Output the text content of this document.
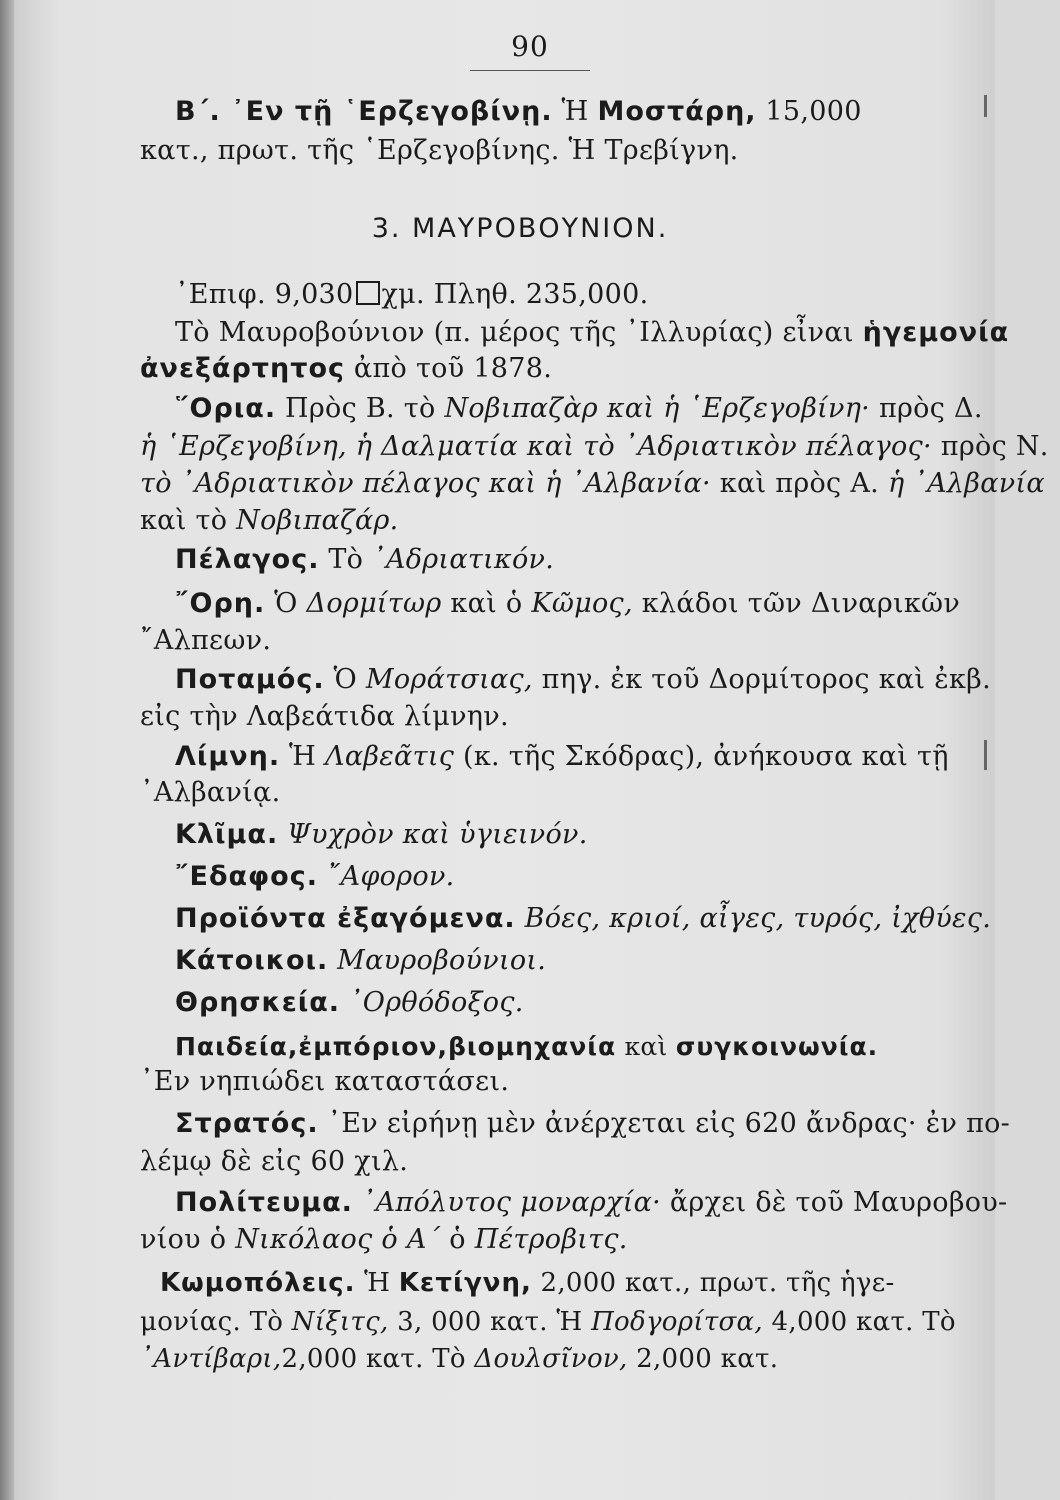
90
Β΄. ᾿Εν τῇ ῾Ερζεγοβίνῃ. Ἡ Μοστάρη, 15,000
κατ., πρωτ. τῆς ῾Ερζεγοβίνης. Ἡ Τρεβίγνη.
3. ΜΑΥΡΟΒΟΥΝΙΟΝ.
᾿Επιφ. 9,030 χμ. Πληθ. 235,000.
Τὸ Μαυροβούνιον (π. μέρος τῆς ᾿Ιλλυρίας) εἶναι ἡγεμονία
ἀνεξάρτητος ἀπὸ τοῦ 1878.
῞Ορια. Πρὸς Β. τὸ Νοβιπαζὰρ καὶ ἡ ῾Ερζεγοβίνη· πρὸς Δ.
ἡ ῾Ερζεγοβίνη, ἡ Δαλματία καὶ τὸ ᾿Αδριατικὸν πέλαγος· πρὸς Ν.
τὸ ᾿Αδριατικὸν πέλαγος καὶ ἡ ᾿Αλβανία· καὶ πρὸς Α. ἡ ᾿Αλβανία
καὶ τὸ Νοβιπαζάρ.
Πέλαγος. Τὸ ᾿Αδριατικόν.
῎Ορη. Ὁ Δορμίτωρ καὶ ὁ Κῶμος, κλάδοι τῶν Διναρικῶν
῎Αλπεων.
Ποταμός. Ὁ Μοράτσιας, πηγ. ἐκ τοῦ Δορμίτορος καὶ ἐκβ.
εἰς τὴν Λαβεάτιδα λίμνην.
Λίμνη. Ἡ Λαβεᾶτις (κ. τῆς Σκόδρας), ἀνήκουσα καὶ τῇ
᾿Αλβανίᾳ.
Κλῖμα. Ψυχρὸν καὶ ὑγιεινόν.
῎Εδαφος. ῎Αφορον.
Προϊόντα ἐξαγόμενα. Βόες, κριοί, αἶγες, τυρός, ἰχθύες.
Κάτοικοι. Μαυροβούνιοι.
Θρησκεία. ᾿Ορθόδοξος.
Παιδεία,ἐμπόριον,βιομηχανία καὶ συγκοινωνία.
᾿Εν νηπιώδει καταστάσει.
Στρατός. ᾿Εν εἰρήνῃ μὲν ἀνέρχεται εἰς 620 ἄνδρας· ἐν πο-
λέμῳ δὲ εἰς 60 χιλ.
Πολίτευμα. ᾿Απόλυτος μοναρχία· ἄρχει δὲ τοῦ Μαυροβου-
νίου ὁ Νικόλαος ὁ Α΄ ὁ Πέτροβιτς.
Κωμοπόλεις. Ἡ Κετίγνη, 2,000 κατ., πρωτ. τῆς ἡγε-
μονίας. Τὸ Νίξιτς, 3, 000 κατ. Ἡ Ποδγορίτσα, 4,000 κατ. Τὸ
᾿Αντίβαρι,2,000 κατ. Τὸ Δουλσῖνον, 2,000 κατ.
